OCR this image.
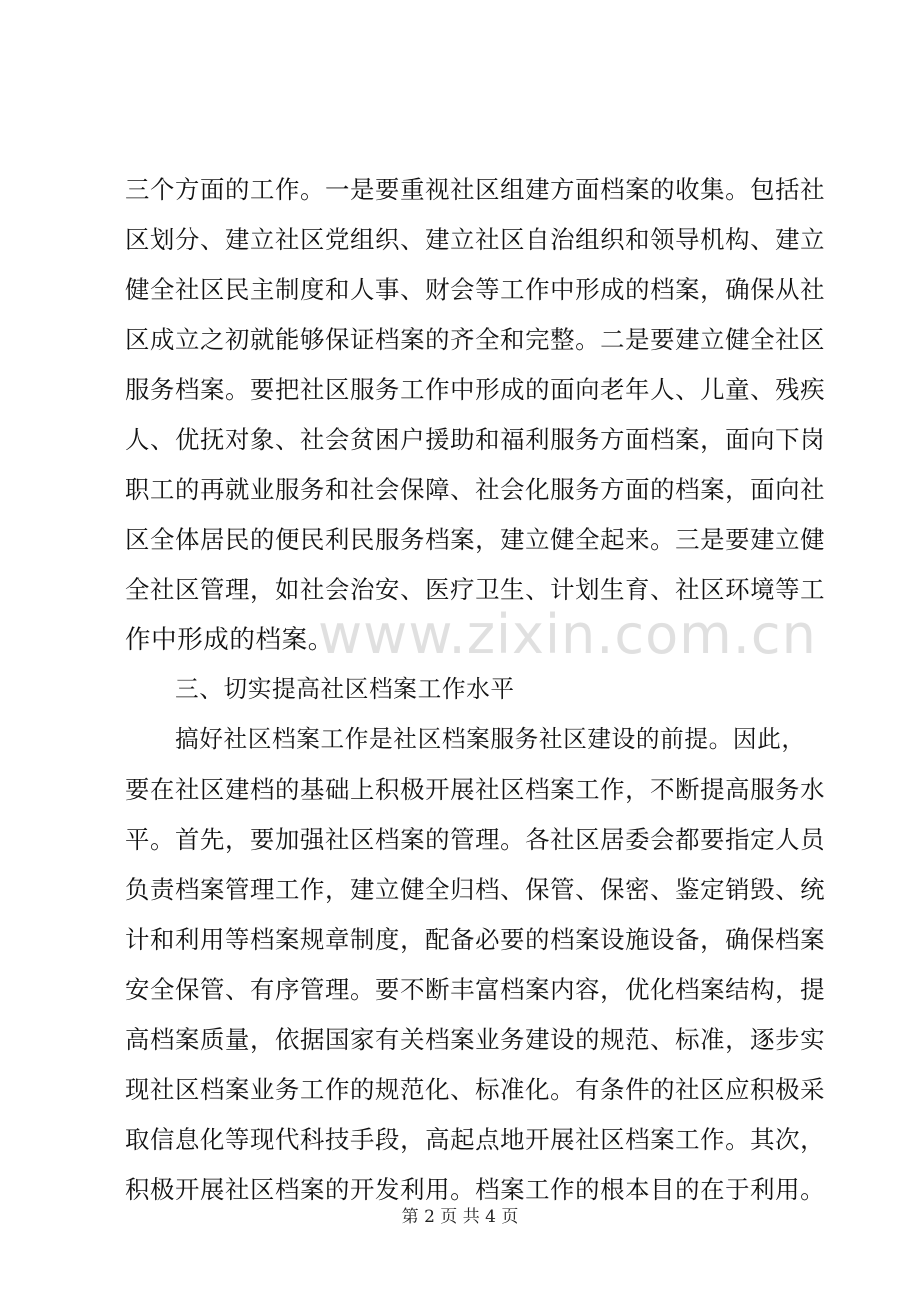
三个方面的工作。一是要重视社区组建方面档案的收集。包括社
区划分、建立社区党组织、建立社区自治组织和领导机构、建立
健全社区民主制度和人事、财会等工作中形成的档案，确保从社
区成立之初就能够保证档案的齐全和完整。二是要建立健全社区
服务档案。要把社区服务工作中形成的面向老年人、儿童、残疾
人、优抚对象、社会贫困户援助和福利服务方面档案，面向下岗
职工的再就业服务和社会保障、社会化服务方面的档案，面向社
区全体居民的便民利民服务档案，建立健全起来。三是要建立健
全社区管理，如社会治安、医疗卫生、计划生育、社区环境等工
作中形成的档案。
三、切实提高社区档案工作水平
搞好社区档案工作是社区档案服务社区建设的前提。因此，
要在社区建档的基础上积极开展社区档案工作，不断提高服务水
平。首先，要加强社区档案的管理。各社区居委会都要指定人员
负责档案管理工作，建立健全归档、保管、保密、鉴定销毁、统
计和利用等档案规章制度，配备必要的档案设施设备，确保档案
安全保管、有序管理。要不断丰富档案内容，优化档案结构，提
高档案质量，依据国家有关档案业务建设的规范、标准，逐步实
现社区档案业务工作的规范化、标准化。有条件的社区应积极采
取信息化等现代科技手段，高起点地开展社区档案工作。其次，
积极开展社区档案的开发利用。档案工作的根本目的在于利用。
www.zixin.com.cn
第 2 页 共 4 页
